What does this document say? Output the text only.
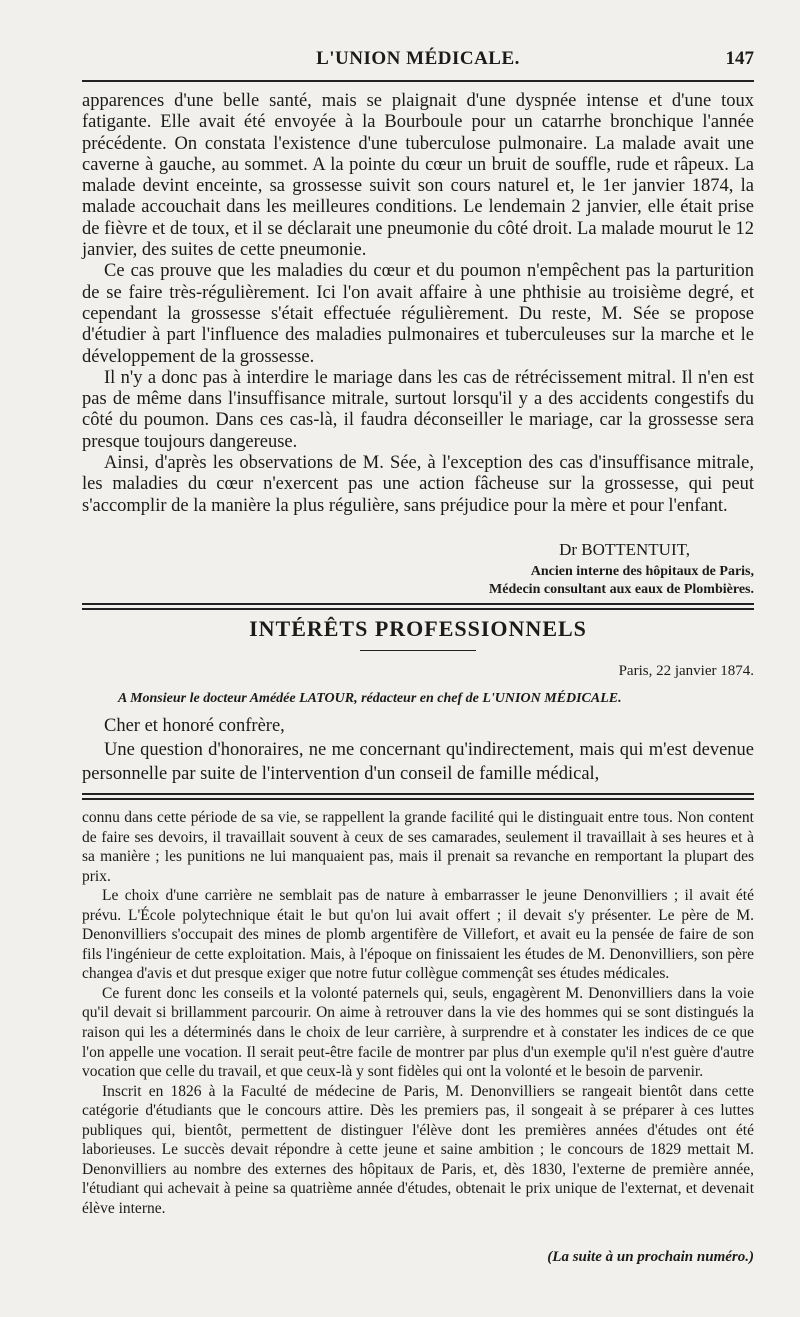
L'UNION MÉDICALE.	147

apparences d'une belle santé, mais se plaignait d'une dyspnée intense et d'une toux fatigante. Elle avait été envoyée à la Bourboule pour un catarrhe bronchique l'année précédente. On constata l'existence d'une tuberculose pulmonaire. La malade avait une caverne à gauche, au sommet. A la pointe du cœur un bruit de souffle, rude et râpeux. La malade devint enceinte, sa grossesse suivit son cours naturel et, le 1er janvier 1874, la malade accouchait dans les meilleures conditions. Le lendemain 2 janvier, elle était prise de fièvre et de toux, et il se déclarait une pneumonie du côté droit. La malade mourut le 12 janvier, des suites de cette pneumonie.

Ce cas prouve que les maladies du cœur et du poumon n'empêchent pas la parturition de se faire très-régulièrement. Ici l'on avait affaire à une phthisie au troisième degré, et cependant la grossesse s'était effectuée régulièrement. Du reste, M. Sée se propose d'étudier à part l'influence des maladies pulmonaires et tuberculeuses sur la marche et le développement de la grossesse.

Il n'y a donc pas à interdire le mariage dans les cas de rétrécissement mitral. Il n'en est pas de même dans l'insuffisance mitrale, surtout lorsqu'il y a des accidents congestifs du côté du poumon. Dans ces cas-là, il faudra déconseiller le mariage, car la grossesse sera presque toujours dangereuse.

Ainsi, d'après les observations de M. Sée, à l'exception des cas d'insuffisance mitrale, les maladies du cœur n'exercent pas une action fâcheuse sur la grossesse, qui peut s'accomplir de la manière la plus régulière, sans préjudice pour la mère et pour l'enfant.

Dr BOTTENTUIT,
Ancien interne des hôpitaux de Paris,
Médecin consultant aux eaux de Plombières.
INTÉRÊTS PROFESSIONNELS
Paris, 22 janvier 1874.
A Monsieur le docteur Amédée LATOUR, rédacteur en chef de L'UNION MÉDICALE.

Cher et honoré confrère,

Une question d'honoraires, ne me concernant qu'indirectement, mais qui m'est devenue personnelle par suite de l'intervention d'un conseil de famille médical,

connu dans cette période de sa vie, se rappellent la grande facilité qui le distinguait entre tous. Non content de faire ses devoirs, il travaillait souvent à ceux de ses camarades, seulement il travaillait à ses heures et à sa manière ; les punitions ne lui manquaient pas, mais il prenait sa revanche en remportant la plupart des prix.

Le choix d'une carrière ne semblait pas de nature à embarrasser le jeune Denonvilliers ; il avait été prévu. L'École polytechnique était le but qu'on lui avait offert ; il devait s'y présenter. Le père de M. Denonvilliers s'occupait des mines de plomb argentifère de Villefort, et avait eu la pensée de faire de son fils l'ingénieur de cette exploitation. Mais, à l'époque on finissaient les études de M. Denonvilliers, son père changea d'avis et dut presque exiger que notre futur collègue commençât ses études médicales.

Ce furent donc les conseils et la volonté paternels qui, seuls, engagèrent M. Denonvilliers dans la voie qu'il devait si brillamment parcourir. On aime à retrouver dans la vie des hommes qui se sont distingués la raison qui les a déterminés dans le choix de leur carrière, à surprendre et à constater les indices de ce que l'on appelle une vocation. Il serait peut-être facile de montrer par plus d'un exemple qu'il n'est guère d'autre vocation que celle du travail, et que ceux-là y sont fidèles qui ont la volonté et le besoin de parvenir.

Inscrit en 1826 à la Faculté de médecine de Paris, M. Denonvilliers se rangeait bientôt dans cette catégorie d'étudiants que le concours attire. Dès les premiers pas, il songeait à se préparer à ces luttes publiques qui, bientôt, permettent de distinguer l'élève dont les premières années d'études ont été laborieuses. Le succès devait répondre à cette jeune et saine ambition ; le concours de 1829 mettait M. Denonvilliers au nombre des externes des hôpitaux de Paris, et, dès 1830, l'externe de première année, l'étudiant qui achevait à peine sa quatrième année d'études, obtenait le prix unique de l'externat, et devenait élève interne.

(La suite à un prochain numéro.)
